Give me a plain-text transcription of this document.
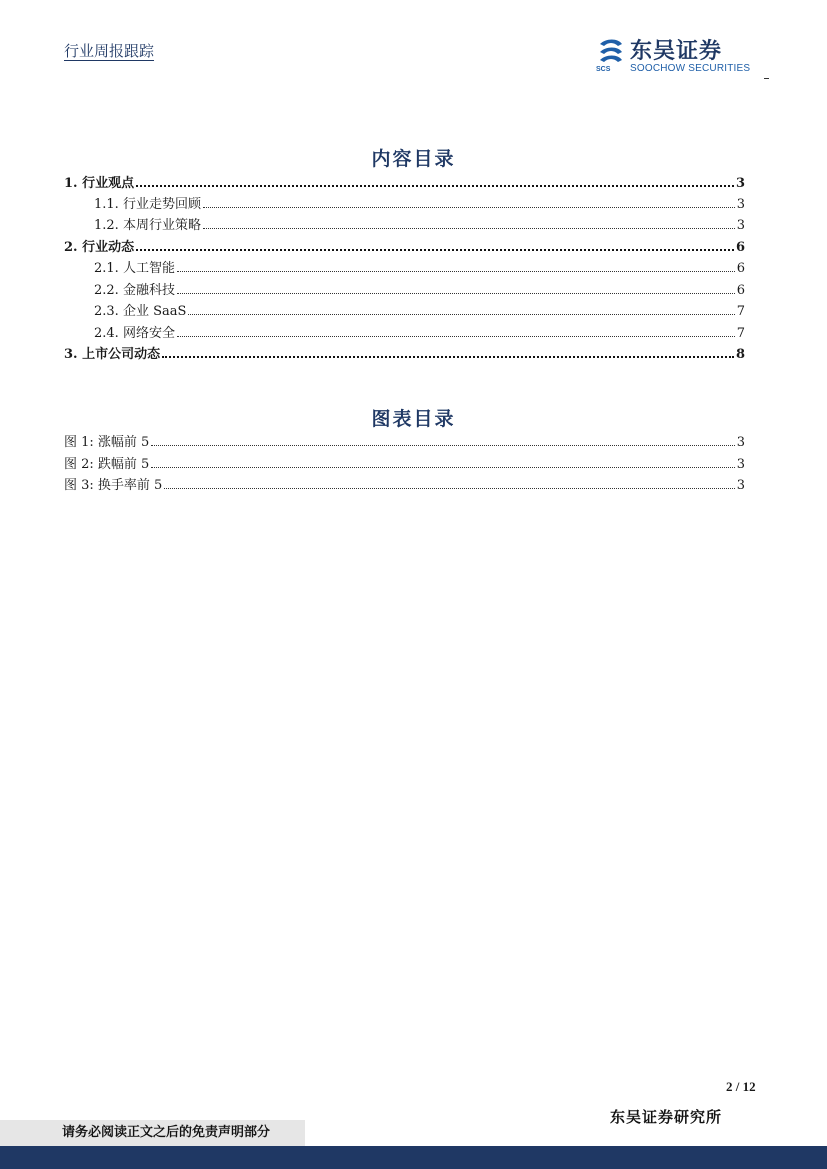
行业周报跟踪
SCS
东吴证券
SOOCHOW SECURITIES
内容目录
1. 行业观点	3
1.1. 行业走势回顾	3
1.2. 本周行业策略	3
2. 行业动态	6
2.1. 人工智能	6
2.2. 金融科技	6
2.3. 企业 SaaS	7
2.4. 网络安全	7
3. 上市公司动态	8
图表目录
图 1: 涨幅前 5	3
图 2: 跌幅前 5	3
图 3: 换手率前 5	3
2 / 12
东吴证券研究所
请务必阅读正文之后的免责声明部分
